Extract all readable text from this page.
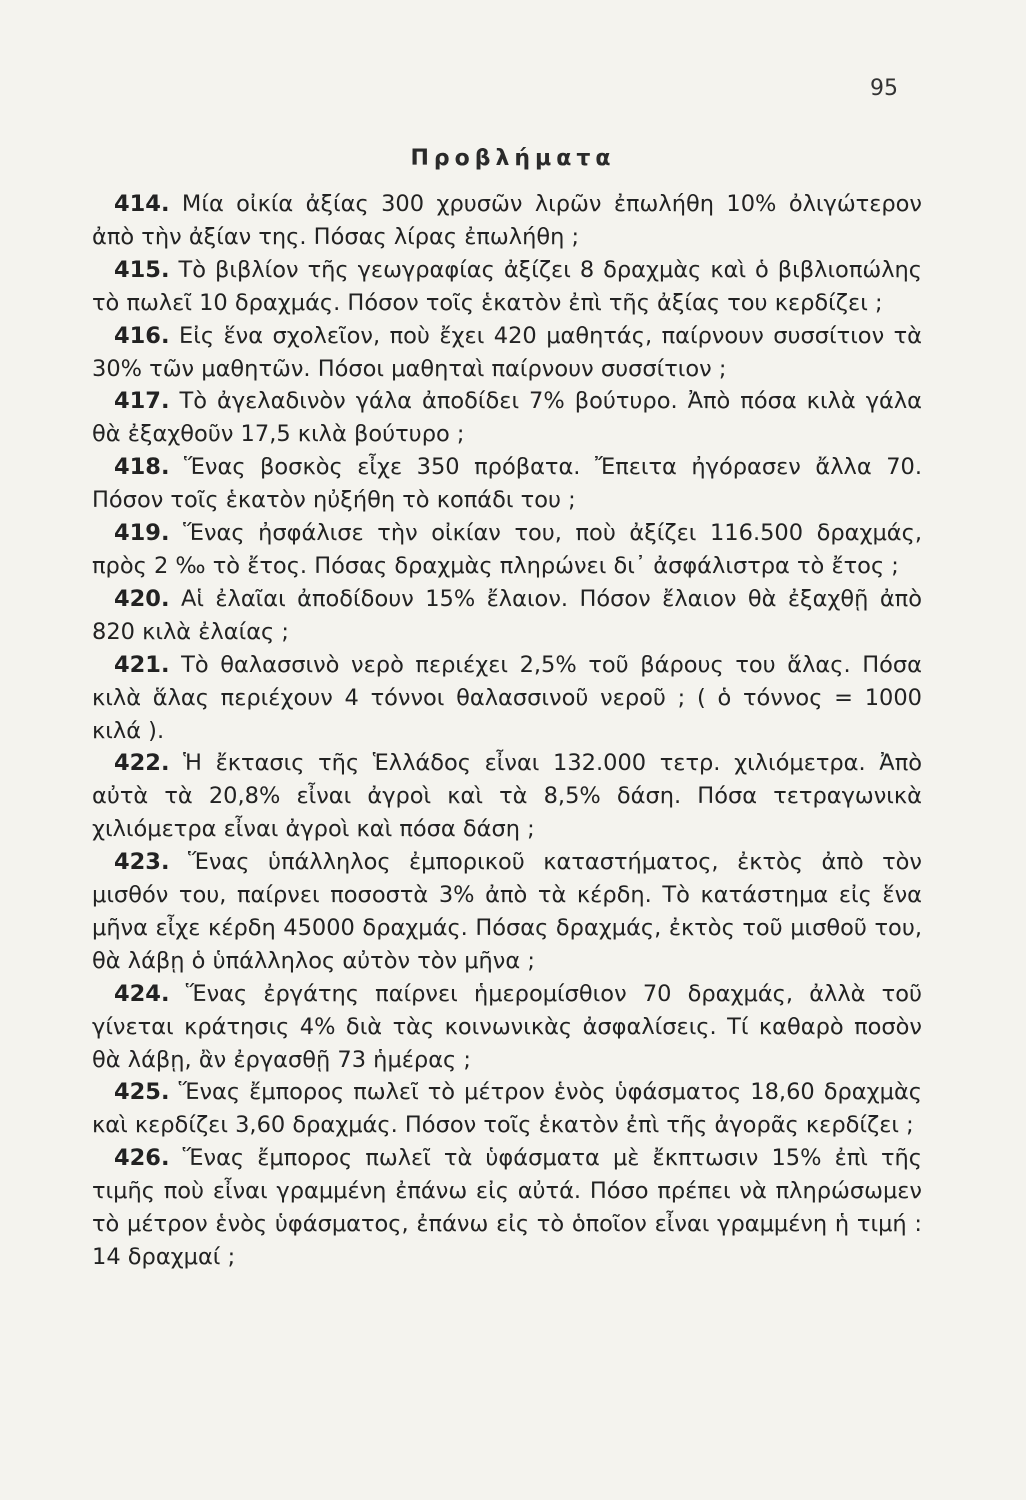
95
Προβλήματα

414. Μία οἰκία ἀξίας 300 χρυσῶν λιρῶν ἐπωλήθη 10% ὀλιγώτερον ἀπὸ τὴν ἀξίαν της. Πόσας λίρας ἐπωλήθη ;

415. Τὸ βιβλίον τῆς γεωγραφίας ἀξίζει 8 δραχμὰς καὶ ὁ βιβλιοπώλης τὸ πωλεῖ 10 δραχμάς. Πόσον τοῖς ἑκατὸν ἐπὶ τῆς ἀξίας του κερδίζει ;

416. Εἰς ἕνα σχολεῖον, ποὺ ἔχει 420 μαθητάς, παίρνουν συσσίτιον τὰ 30% τῶν μαθητῶν. Πόσοι μαθηταὶ παίρνουν συσσίτιον ;

417. Τὸ ἀγελαδινὸν γάλα ἀποδίδει 7% βούτυρο. Ἀπὸ πόσα κιλὰ γάλα θὰ ἐξαχθοῦν 17,5 κιλὰ βούτυρο ;

418. Ἕνας βοσκὸς εἶχε 350 πρόβατα. Ἔπειτα ἠγόρασεν ἄλλα 70. Πόσον τοῖς ἑκατὸν ηὐξήθη τὸ κοπάδι του ;

419. Ἕνας ἠσφάλισε τὴν οἰκίαν του, ποὺ ἀξίζει 116.500 δραχμάς, πρὸς 2 ‰ τὸ ἔτος. Πόσας δραχμὰς πληρώνει δι᾿ ἀσφάλιστρα τὸ ἔτος ;

420. Αἱ ἐλαῖαι ἀποδίδουν 15% ἔλαιον. Πόσον ἔλαιον θὰ ἐξαχθῇ ἀπὸ 820 κιλὰ ἐλαίας ;

421. Τὸ θαλασσινὸ νερὸ περιέχει 2,5% τοῦ βάρους του ἅλας. Πόσα κιλὰ ἅλας περιέχουν 4 τόννοι θαλασσινοῦ νεροῦ ; ( ὁ τόννος = 1000 κιλά ).

422. Ἡ ἔκτασις τῆς Ἑλλάδος εἶναι 132.000 τετρ. χιλιόμετρα. Ἀπὸ αὐτὰ τὰ 20,8% εἶναι ἀγροὶ καὶ τὰ 8,5% δάση. Πόσα τετραγωνικὰ χιλιόμετρα εἶναι ἀγροὶ καὶ πόσα δάση ;

423. Ἕνας ὑπάλληλος ἐμπορικοῦ καταστήματος, ἐκτὸς ἀπὸ τὸν μισθόν του, παίρνει ποσοστὰ 3% ἀπὸ τὰ κέρδη. Τὸ κατάστημα εἰς ἕνα μῆνα εἶχε κέρδη 45000 δραχμάς. Πόσας δραχμάς, ἐκτὸς τοῦ μισθοῦ του, θὰ λάβῃ ὁ ὑπάλληλος αὐτὸν τὸν μῆνα ;

424. Ἕνας ἐργάτης παίρνει ἡμερομίσθιον 70 δραχμάς, ἀλλὰ τοῦ γίνεται κράτησις 4% διὰ τὰς κοινωνικὰς ἀσφαλίσεις. Τί καθαρὸ ποσὸν θὰ λάβῃ, ἂν ἐργασθῇ 73 ἡμέρας ;

425. Ἕνας ἔμπορος πωλεῖ τὸ μέτρον ἑνὸς ὑφάσματος 18,60 δραχμὰς καὶ κερδίζει 3,60 δραχμάς. Πόσον τοῖς ἑκατὸν ἐπὶ τῆς ἀγορᾶς κερδίζει ;

426. Ἕνας ἔμπορος πωλεῖ τὰ ὑφάσματα μὲ ἔκπτωσιν 15% ἐπὶ τῆς τιμῆς ποὺ εἶναι γραμμένη ἐπάνω εἰς αὐτά. Πόσο πρέπει νὰ πληρώσωμεν τὸ μέτρον ἑνὸς ὑφάσματος, ἐπάνω εἰς τὸ ὁποῖον εἶναι γραμμένη ἡ τιμή : 14 δραχμαί ;
